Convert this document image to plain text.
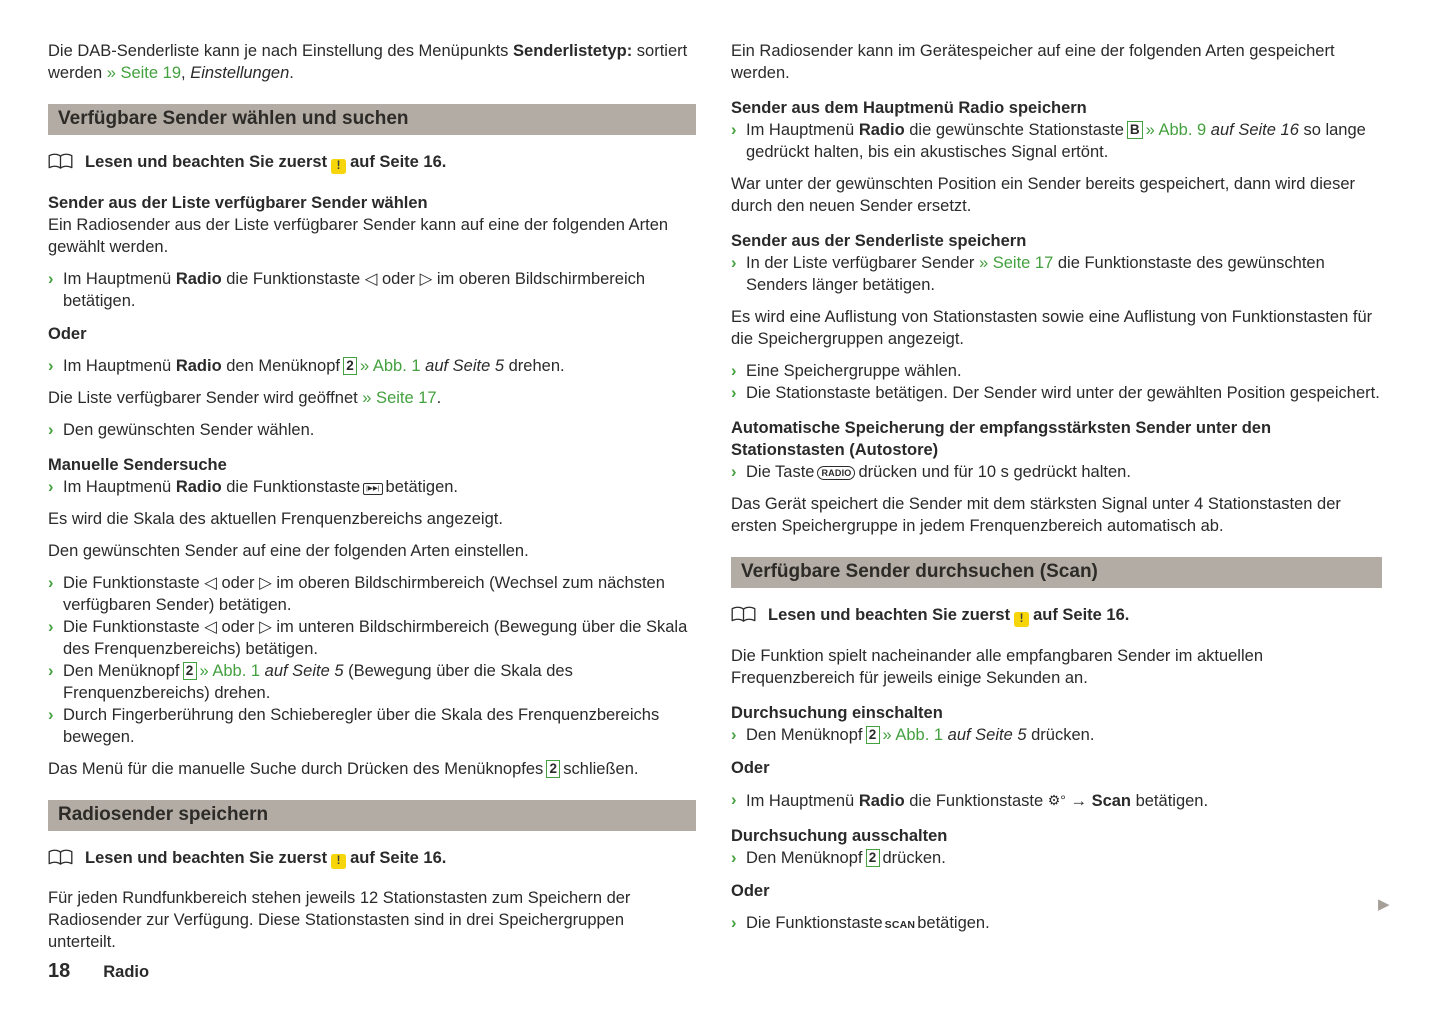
Die DAB-Senderliste kann je nach Einstellung des Menüpunkts Senderlistetyp: sortiert werden » Seite 19, Einstellungen.
Verfügbare Sender wählen und suchen
Lesen und beachten Sie zuerst ! auf Seite 16.
Sender aus der Liste verfügbarer Sender wählen
Ein Radiosender aus der Liste verfügbarer Sender kann auf eine der folgenden Arten gewählt werden.
› Im Hauptmenü Radio die Funktionstaste ◁ oder ▷ im oberen Bildschirmbereich betätigen.
Oder
› Im Hauptmenü Radio den Menüknopf 2 » Abb. 1 auf Seite 5 drehen.
Die Liste verfügbarer Sender wird geöffnet » Seite 17.
› Den gewünschten Sender wählen.
Manuelle Sendersuche
› Im Hauptmenü Radio die Funktionstaste |▶▶| betätigen.
Es wird die Skala des aktuellen Frenquenzbereichs angezeigt.
Den gewünschten Sender auf eine der folgenden Arten einstellen.
› Die Funktionstaste ◁ oder ▷ im oberen Bildschirmbereich (Wechsel zum nächsten verfügbaren Sender) betätigen.
› Die Funktionstaste ◁ oder ▷ im unteren Bildschirmbereich (Bewegung über die Skala des Frenquenzbereichs) betätigen.
› Den Menüknopf 2 » Abb. 1 auf Seite 5 (Bewegung über die Skala des Frenquenzbereichs) drehen.
› Durch Fingerberührung den Schieberegler über die Skala des Frenquenzbereichs bewegen.
Das Menü für die manuelle Suche durch Drücken des Menüknopfes 2 schließen.
Radiosender speichern
Lesen und beachten Sie zuerst ! auf Seite 16.
Für jeden Rundfunkbereich stehen jeweils 12 Stationstasten zum Speichern der Radiosender zur Verfügung. Diese Stationstasten sind in drei Speichergruppen unterteilt.
Ein Radiosender kann im Gerätespeicher auf eine der folgenden Arten gespeichert werden.
Sender aus dem Hauptmenü Radio speichern
› Im Hauptmenü Radio die gewünschte Stationstaste B » Abb. 9 auf Seite 16 so lange gedrückt halten, bis ein akustisches Signal ertönt.
War unter der gewünschten Position ein Sender bereits gespeichert, dann wird dieser durch den neuen Sender ersetzt.
Sender aus der Senderliste speichern
› In der Liste verfügbarer Sender » Seite 17 die Funktionstaste des gewünschten Senders länger betätigen.
Es wird eine Auflistung von Stationstasten sowie eine Auflistung von Funktionstasten für die Speichergruppen angezeigt.
› Eine Speichergruppe wählen.
› Die Stationstaste betätigen. Der Sender wird unter der gewählten Position gespeichert.
Automatische Speicherung der empfangsstärksten Sender unter den Stationstasten (Autostore)
› Die Taste RADIO drücken und für 10 s gedrückt halten.
Das Gerät speichert die Sender mit dem stärksten Signal unter 4 Stationstasten der ersten Speichergruppe in jedem Frenquenzbereich automatisch ab.
Verfügbare Sender durchsuchen (Scan)
Lesen und beachten Sie zuerst ! auf Seite 16.
Die Funktion spielt nacheinander alle empfangbaren Sender im aktuellen Frequenzbereich für jeweils einige Sekunden an.
Durchsuchung einschalten
› Den Menüknopf 2 » Abb. 1 auf Seite 5 drücken.
Oder
› Im Hauptmenü Radio die Funktionstaste ⚙° → Scan betätigen.
Durchsuchung ausschalten
› Den Menüknopf 2 drücken.
Oder
› Die Funktionstaste SCAN betätigen.
18 Radio
▶
